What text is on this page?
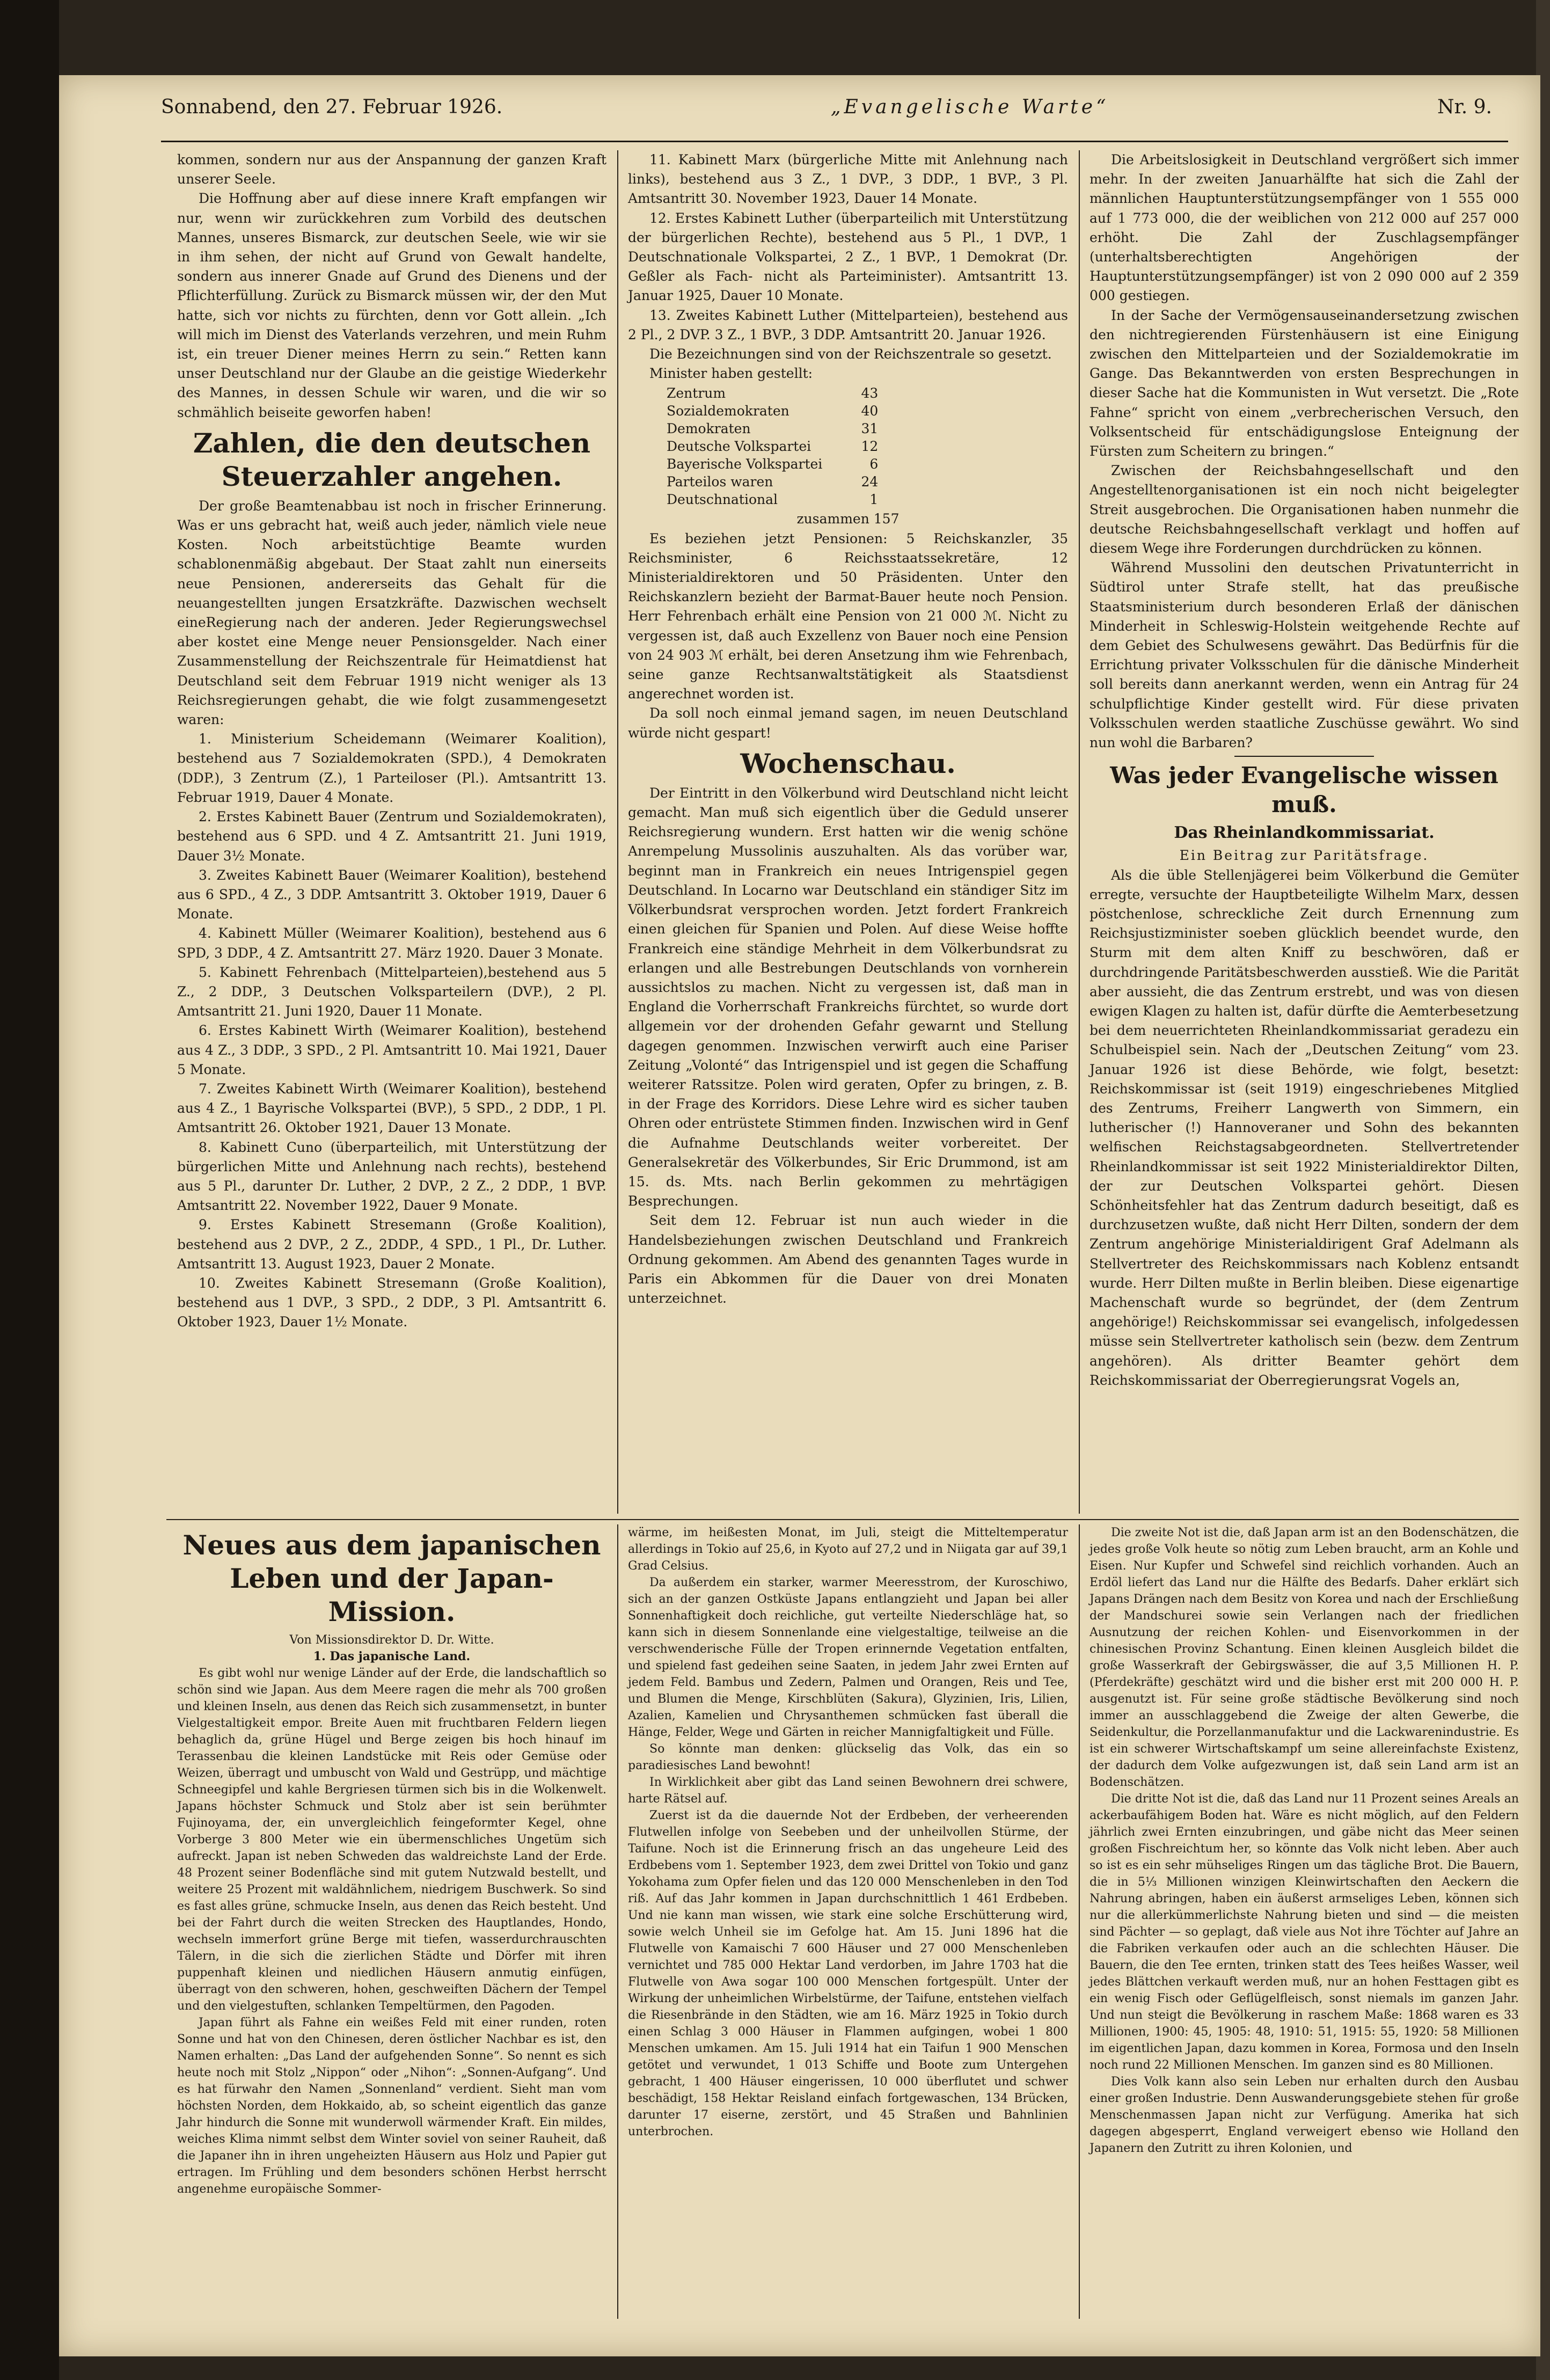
Sonnabend, den 27. Februar 1926.	„Evangelische Warte“	Nr. 9.

kommen, sondern nur aus der Anspannung der ganzen Kraft unserer Seele.

Die Hoffnung aber auf diese innere Kraft empfangen wir nur, wenn wir zurückkehren zum Vorbild des deutschen Mannes, unseres Bismarck, zur deutschen Seele, wie wir sie in ihm sehen, der nicht auf Grund von Gewalt handelte, sondern aus innerer Gnade auf Grund des Dienens und der Pflichterfüllung. Zurück zu Bismarck müssen wir, der den Mut hatte, sich vor nichts zu fürchten, denn vor Gott allein. „Ich will mich im Dienst des Vaterlands verzehren, und mein Ruhm ist, ein treuer Diener meines Herrn zu sein.“ Retten kann unser Deutschland nur der Glaube an die geistige Wiederkehr des Mannes, in dessen Schule wir waren, und die wir so schmählich beiseite geworfen haben!

Zahlen, die den deutschen Steuerzahler angehen.

Der große Beamtenabbau ist noch in frischer Erinnerung. Was er uns gebracht hat, weiß auch jeder, nämlich viele neue Kosten. Noch arbeitstüchtige Beamte wurden schablonenmäßig abgebaut. Der Staat zahlt nun einerseits neue Pensionen, andererseits das Gehalt für die neuangestellten jungen Ersatzkräfte. Dazwischen wechselt eineRegierung nach der anderen. Jeder Regierungswechsel aber kostet eine Menge neuer Pensionsgelder. Nach einer Zusammenstellung der Reichszentrale für Heimatdienst hat Deutschland seit dem Februar 1919 nicht weniger als 13 Reichsregierungen gehabt, die wie folgt zusammengesetzt waren:

1. Ministerium Scheidemann (Weimarer Koalition), bestehend aus 7 Sozialdemokraten (SPD.), 4 Demokraten (DDP.), 3 Zentrum (Z.), 1 Parteiloser (Pl.). Amtsantritt 13. Februar 1919, Dauer 4 Monate.

2. Erstes Kabinett Bauer (Zentrum und Sozialdemokraten), bestehend aus 6 SPD. und 4 Z. Amtsantritt 21. Juni 1919, Dauer 3½ Monate.

3. Zweites Kabinett Bauer (Weimarer Koalition), bestehend aus 6 SPD., 4 Z., 3 DDP. Amtsantritt 3. Oktober 1919, Dauer 6 Monate.

4. Kabinett Müller (Weimarer Koalition), bestehend aus 6 SPD, 3 DDP., 4 Z. Amtsantritt 27. März 1920. Dauer 3 Monate.

5. Kabinett Fehrenbach (Mittelparteien),bestehend aus 5 Z., 2 DDP., 3 Deutschen Volksparteilern (DVP.), 2 Pl. Amtsantritt 21. Juni 1920, Dauer 11 Monate.

6. Erstes Kabinett Wirth (Weimarer Koalition), bestehend aus 4 Z., 3 DDP., 3 SPD., 2 Pl. Amtsantritt 10. Mai 1921, Dauer 5 Monate.

7. Zweites Kabinett Wirth (Weimarer Koalition), bestehend aus 4 Z., 1 Bayrische Volkspartei (BVP.), 5 SPD., 2 DDP., 1 Pl. Amtsantritt 26. Oktober 1921, Dauer 13 Monate.

8. Kabinett Cuno (überparteilich, mit Unterstützung der bürgerlichen Mitte und Anlehnung nach rechts), bestehend aus 5 Pl., darunter Dr. Luther, 2 DVP., 2 Z., 2 DDP., 1 BVP. Amtsantritt 22. November 1922, Dauer 9 Monate.

9. Erstes Kabinett Stresemann (Große Koalition), bestehend aus 2 DVP., 2 Z., 2DDP., 4 SPD., 1 Pl., Dr. Luther. Amtsantritt 13. August 1923, Dauer 2 Monate.

10. Zweites Kabinett Stresemann (Große Koalition), bestehend aus 1 DVP., 3 SPD., 2 DDP., 3 Pl. Amtsantritt 6. Oktober 1923, Dauer 1½ Monate.

11. Kabinett Marx (bürgerliche Mitte mit Anlehnung nach links), bestehend aus 3 Z., 1 DVP., 3 DDP., 1 BVP., 3 Pl. Amtsantritt 30. November 1923, Dauer 14 Monate.

12. Erstes Kabinett Luther (überparteilich mit Unterstützung der bürgerlichen Rechte), bestehend aus 5 Pl., 1 DVP., 1 Deutschnationale Volkspartei, 2 Z., 1 BVP., 1 Demokrat (Dr. Geßler als Fach- nicht als Parteiminister). Amtsantritt 13. Januar 1925, Dauer 10 Monate.

13. Zweites Kabinett Luther (Mittelparteien), bestehend aus 2 Pl., 2 DVP. 3 Z., 1 BVP., 3 DDP. Amtsantritt 20. Januar 1926.

Die Bezeichnungen sind von der Reichszentrale so gesetzt.

Minister haben gestellt:

Zentrum	43
Sozialdemokraten	40
Demokraten	31
Deutsche Volkspartei	12
Bayerische Volkspartei	6
Parteilos waren	24
Deutschnational	1

zusammen 157

Es beziehen jetzt Pensionen: 5 Reichskanzler, 35 Reichsminister, 6 Reichsstaatssekretäre, 12 Ministerialdirektoren und 50 Präsidenten. Unter den Reichskanzlern bezieht der Barmat-Bauer heute noch Pension. Herr Fehrenbach erhält eine Pension von 21 000 ℳ. Nicht zu vergessen ist, daß auch Exzellenz von Bauer noch eine Pension von 24 903 ℳ erhält, bei deren Ansetzung ihm wie Fehrenbach, seine ganze Rechtsanwaltstätigkeit als Staatsdienst angerechnet worden ist.

Da soll noch einmal jemand sagen, im neuen Deutschland würde nicht gespart!

Wochenschau.

Der Eintritt in den Völkerbund wird Deutschland nicht leicht gemacht. Man muß sich eigentlich über die Geduld unserer Reichsregierung wundern. Erst hatten wir die wenig schöne Anrempelung Mussolinis auszuhalten. Als das vorüber war, beginnt man in Frankreich ein neues Intrigenspiel gegen Deutschland. In Locarno war Deutschland ein ständiger Sitz im Völkerbundsrat versprochen worden. Jetzt fordert Frankreich einen gleichen für Spanien und Polen. Auf diese Weise hoffte Frankreich eine ständige Mehrheit in dem Völkerbundsrat zu erlangen und alle Bestrebungen Deutschlands von vornherein aussichtslos zu machen. Nicht zu vergessen ist, daß man in England die Vorherrschaft Frankreichs fürchtet, so wurde dort allgemein vor der drohenden Gefahr gewarnt und Stellung dagegen genommen. Inzwischen verwirft auch eine Pariser Zeitung „Volonté“ das Intrigenspiel und ist gegen die Schaffung weiterer Ratssitze. Polen wird geraten, Opfer zu bringen, z. B. in der Frage des Korridors. Diese Lehre wird es sicher tauben Ohren oder entrüstete Stimmen finden. Inzwischen wird in Genf die Aufnahme Deutschlands weiter vorbereitet. Der Generalsekretär des Völkerbundes, Sir Eric Drummond, ist am 15. ds. Mts. nach Berlin gekommen zu mehrtägigen Besprechungen.

Seit dem 12. Februar ist nun auch wieder in die Handelsbeziehungen zwischen Deutschland und Frankreich Ordnung gekommen. Am Abend des genannten Tages wurde in Paris ein Abkommen für die Dauer von drei Monaten unterzeichnet.

Die Arbeitslosigkeit in Deutschland vergrößert sich immer mehr. In der zweiten Januarhälfte hat sich die Zahl der männlichen Hauptunterstützungsempfänger von 1 555 000 auf 1 773 000, die der weiblichen von 212 000 auf 257 000 erhöht. Die Zahl der Zuschlagsempfänger (unterhaltsberechtigten Angehörigen der Hauptunterstützungsempfänger) ist von 2 090 000 auf 2 359 000 gestiegen.

In der Sache der Vermögensauseinandersetzung zwischen den nichtregierenden Fürstenhäusern ist eine Einigung zwischen den Mittelparteien und der Sozialdemokratie im Gange. Das Bekanntwerden von ersten Besprechungen in dieser Sache hat die Kommunisten in Wut versetzt. Die „Rote Fahne“ spricht von einem „verbrecherischen Versuch, den Volksentscheid für entschädigungslose Enteignung der Fürsten zum Scheitern zu bringen.“

Zwischen der Reichsbahngesellschaft und den Angestelltenorganisationen ist ein noch nicht beigelegter Streit ausgebrochen. Die Organisationen haben nunmehr die deutsche Reichsbahngesellschaft verklagt und hoffen auf diesem Wege ihre Forderungen durchdrücken zu können.

Während Mussolini den deutschen Privatunterricht in Südtirol unter Strafe stellt, hat das preußische Staatsministerium durch besonderen Erlaß der dänischen Minderheit in Schleswig-Holstein weitgehende Rechte auf dem Gebiet des Schulwesens gewährt. Das Bedürfnis für die Errichtung privater Volksschulen für die dänische Minderheit soll bereits dann anerkannt werden, wenn ein Antrag für 24 schulpflichtige Kinder gestellt wird. Für diese privaten Volksschulen werden staatliche Zuschüsse gewährt. Wo sind nun wohl die Barbaren?

Was jeder Evangelische wissen muß.
Das Rheinlandkommissariat.

Ein Beitrag zur Paritätsfrage.

Als die üble Stellenjägerei beim Völkerbund die Gemüter erregte, versuchte der Hauptbeteiligte Wilhelm Marx, dessen pöstchenlose, schreckliche Zeit durch Ernennung zum Reichsjustizminister soeben glücklich beendet wurde, den Sturm mit dem alten Kniff zu beschwören, daß er durchdringende Paritätsbeschwerden ausstieß. Wie die Parität aber aussieht, die das Zentrum erstrebt, und was von diesen ewigen Klagen zu halten ist, dafür dürfte die Aemterbesetzung bei dem neuerrichteten Rheinlandkommissariat geradezu ein Schulbeispiel sein. Nach der „Deutschen Zeitung“ vom 23. Januar 1926 ist diese Behörde, wie folgt, besetzt: Reichskommissar ist (seit 1919) eingeschriebenes Mitglied des Zentrums, Freiherr Langwerth von Simmern, ein lutherischer (!) Hannoveraner und Sohn des bekannten welfischen Reichstagsabgeordneten. Stellvertretender Rheinlandkommissar ist seit 1922 Ministerialdirektor Dilten, der zur Deutschen Volkspartei gehört. Diesen Schönheitsfehler hat das Zentrum dadurch beseitigt, daß es durchzusetzen wußte, daß nicht Herr Dilten, sondern der dem Zentrum angehörige Ministerialdirigent Graf Adelmann als Stellvertreter des Reichskommissars nach Koblenz entsandt wurde. Herr Dilten mußte in Berlin bleiben. Diese eigenartige Machenschaft wurde so begründet, der (dem Zentrum angehörige!) Reichskommissar sei evangelisch, infolgedessen müsse sein Stellvertreter katholisch sein (bezw. dem Zentrum angehören). Als dritter Beamter gehört dem Reichskommissariat der Oberregierungsrat Vogels an,

Neues aus dem japanischen Leben und der Japan-Mission.

Von Missionsdirektor D. Dr. Witte.

1. Das japanische Land.

Es gibt wohl nur wenige Länder auf der Erde, die landschaftlich so schön sind wie Japan. Aus dem Meere ragen die mehr als 700 großen und kleinen Inseln, aus denen das Reich sich zusammensetzt, in bunter Vielgestaltigkeit empor. Breite Auen mit fruchtbaren Feldern liegen behaglich da, grüne Hügel und Berge zeigen bis hoch hinauf im Terassenbau die kleinen Landstücke mit Reis oder Gemüse oder Weizen, überragt und umbuscht von Wald und Gestrüpp, und mächtige Schneegipfel und kahle Bergriesen türmen sich bis in die Wolkenwelt. Japans höchster Schmuck und Stolz aber ist sein berühmter Fujinoyama, der, ein unvergleichlich feingeformter Kegel, ohne Vorberge 3 800 Meter wie ein übermenschliches Ungetüm sich aufreckt. Japan ist neben Schweden das waldreichste Land der Erde. 48 Prozent seiner Bodenfläche sind mit gutem Nutzwald bestellt, und weitere 25 Prozent mit waldähnlichem, niedrigem Buschwerk. So sind es fast alles grüne, schmucke Inseln, aus denen das Reich besteht. Und bei der Fahrt durch die weiten Strecken des Hauptlandes, Hondo, wechseln immerfort grüne Berge mit tiefen, wasserdurchrauschten Tälern, in die sich die zierlichen Städte und Dörfer mit ihren puppenhaft kleinen und niedlichen Häusern anmutig einfügen, überragt von den schweren, hohen, geschweiften Dächern der Tempel und den vielgestuften, schlanken Tempeltürmen, den Pagoden.

Japan führt als Fahne ein weißes Feld mit einer runden, roten Sonne und hat von den Chinesen, deren östlicher Nachbar es ist, den Namen erhalten: „Das Land der aufgehenden Sonne“. So nennt es sich heute noch mit Stolz „Nippon“ oder „Nihon“: „Sonnen-Aufgang“. Und es hat fürwahr den Namen „Sonnenland“ verdient. Sieht man vom höchsten Norden, dem Hokkaido, ab, so scheint eigentlich das ganze Jahr hindurch die Sonne mit wunderwoll wärmender Kraft. Ein mildes, weiches Klima nimmt selbst dem Winter soviel von seiner Rauheit, daß die Japaner ihn in ihren ungeheizten Häusern aus Holz und Papier gut ertragen. Im Frühling und dem besonders schönen Herbst herrscht angenehme europäische Sommer-

wärme, im heißesten Monat, im Juli, steigt die Mitteltemperatur allerdings in Tokio auf 25,6, in Kyoto auf 27,2 und in Niigata gar auf 39,1 Grad Celsius.

Da außerdem ein starker, warmer Meeresstrom, der Kuroschiwo, sich an der ganzen Ostküste Japans entlangzieht und Japan bei aller Sonnenhaftigkeit doch reichliche, gut verteilte Niederschläge hat, so kann sich in diesem Sonnenlande eine vielgestaltige, teilweise an die verschwenderische Fülle der Tropen erinnernde Vegetation entfalten, und spielend fast gedeihen seine Saaten, in jedem Jahr zwei Ernten auf jedem Feld. Bambus und Zedern, Palmen und Orangen, Reis und Tee, und Blumen die Menge, Kirschblüten (Sakura), Glyzinien, Iris, Lilien, Azalien, Kamelien und Chrysanthemen schmücken fast überall die Hänge, Felder, Wege und Gärten in reicher Mannigfaltigkeit und Fülle.

So könnte man denken: glückselig das Volk, das ein so paradiesisches Land bewohnt!

In Wirklichkeit aber gibt das Land seinen Bewohnern drei schwere, harte Rätsel auf.

Zuerst ist da die dauernde Not der Erdbeben, der verheerenden Flutwellen infolge von Seebeben und der unheilvollen Stürme, der Taifune. Noch ist die Erinnerung frisch an das ungeheure Leid des Erdbebens vom 1. September 1923, dem zwei Drittel von Tokio und ganz Yokohama zum Opfer fielen und das 120 000 Menschenleben in den Tod riß. Auf das Jahr kommen in Japan durchschnittlich 1 461 Erdbeben. Und nie kann man wissen, wie stark eine solche Erschütterung wird, sowie welch Unheil sie im Gefolge hat. Am 15. Juni 1896 hat die Flutwelle von Kamaischi 7 600 Häuser und 27 000 Menschenleben vernichtet und 785 000 Hektar Land verdorben, im Jahre 1703 hat die Flutwelle von Awa sogar 100 000 Menschen fortgespült. Unter der Wirkung der unheimlichen Wirbelstürme, der Taifune, entstehen vielfach die Riesenbrände in den Städten, wie am 16. März 1925 in Tokio durch einen Schlag 3 000 Häuser in Flammen aufgingen, wobei 1 800 Menschen umkamen. Am 15. Juli 1914 hat ein Taifun 1 900 Menschen getötet und verwundet, 1 013 Schiffe und Boote zum Untergehen gebracht, 1 400 Häuser eingerissen, 10 000 überflutet und schwer beschädigt, 158 Hektar Reisland einfach fortgewaschen, 134 Brücken, darunter 17 eiserne, zerstört, und 45 Straßen und Bahnlinien unterbrochen.

Die zweite Not ist die, daß Japan arm ist an den Bodenschätzen, die jedes große Volk heute so nötig zum Leben braucht, arm an Kohle und Eisen. Nur Kupfer und Schwefel sind reichlich vorhanden. Auch an Erdöl liefert das Land nur die Hälfte des Bedarfs. Daher erklärt sich Japans Drängen nach dem Besitz von Korea und nach der Erschließung der Mandschurei sowie sein Verlangen nach der friedlichen Ausnutzung der reichen Kohlen- und Eisenvorkommen in der chinesischen Provinz Schantung. Einen kleinen Ausgleich bildet die große Wasserkraft der Gebirgswässer, die auf 3,5 Millionen H. P. (Pferdekräfte) geschätzt wird und die bisher erst mit 200 000 H. P. ausgenutzt ist. Für seine große städtische Bevölkerung sind noch immer an ausschlaggebend die Zweige der alten Gewerbe, die Seidenkultur, die Porzellanmanufaktur und die Lackwarenindustrie. Es ist ein schwerer Wirtschaftskampf um seine allereinfachste Existenz, der dadurch dem Volke aufgezwungen ist, daß sein Land arm ist an Bodenschätzen.

Die dritte Not ist die, daß das Land nur 11 Prozent seines Areals an ackerbaufähigem Boden hat. Wäre es nicht möglich, auf den Feldern jährlich zwei Ernten einzubringen, und gäbe nicht das Meer seinen großen Fischreichtum her, so könnte das Volk nicht leben. Aber auch so ist es ein sehr mühseliges Ringen um das tägliche Brot. Die Bauern, die in 5⅓ Millionen winzigen Kleinwirtschaften den Aeckern die Nahrung abringen, haben ein äußerst armseliges Leben, können sich nur die allerkümmerlichste Nahrung bieten und sind — die meisten sind Pächter — so geplagt, daß viele aus Not ihre Töchter auf Jahre an die Fabriken verkaufen oder auch an die schlechten Häuser. Die Bauern, die den Tee ernten, trinken statt des Tees heißes Wasser, weil jedes Blättchen verkauft werden muß, nur an hohen Festtagen gibt es ein wenig Fisch oder Geflügelfleisch, sonst niemals im ganzen Jahr. Und nun steigt die Bevölkerung in raschem Maße: 1868 waren es 33 Millionen, 1900: 45, 1905: 48, 1910: 51, 1915: 55, 1920: 58 Millionen im eigentlichen Japan, dazu kommen in Korea, Formosa und den Inseln noch rund 22 Millionen Menschen. Im ganzen sind es 80 Millionen.

Dies Volk kann also sein Leben nur erhalten durch den Ausbau einer großen Industrie. Denn Auswanderungsgebiete stehen für große Menschenmassen Japan nicht zur Verfügung. Amerika hat sich dagegen abgesperrt, England verweigert ebenso wie Holland den Japanern den Zutritt zu ihren Kolonien, und
